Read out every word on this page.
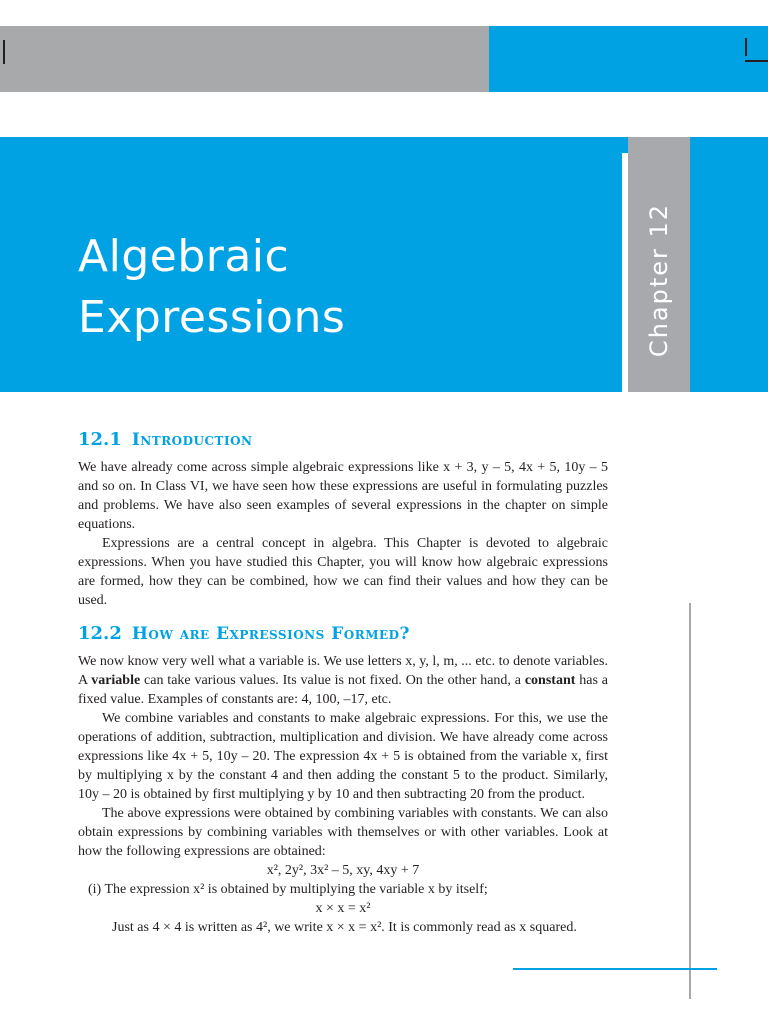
Chapter 12
Algebraic
Expressions
12.1 Introduction

We have already come across simple algebraic expressions like x + 3, y – 5, 4x + 5, 10y – 5 and so on. In Class VI, we have seen how these expressions are useful in formulating puzzles and problems. We have also seen examples of several expressions in the chapter on simple equations.

Expressions are a central concept in algebra. This Chapter is devoted to algebraic expressions. When you have studied this Chapter, you will know how algebraic expressions are formed, how they can be combined, how we can find their values and how they can be used.

12.2 How are Expressions Formed?

We now know very well what a variable is. We use letters x, y, l, m, ... etc. to denote variables. A variable can take various values. Its value is not fixed. On the other hand, a constant has a fixed value. Examples of constants are: 4, 100, –17, etc.

We combine variables and constants to make algebraic expressions. For this, we use the operations of addition, subtraction, multiplication and division. We have already come across expressions like 4x + 5, 10y – 20. The expression 4x + 5 is obtained from the variable x, first by multiplying x by the constant 4 and then adding the constant 5 to the product. Similarly, 10y – 20 is obtained by first multiplying y by 10 and then subtracting 20 from the product.

The above expressions were obtained by combining variables with constants. We can also obtain expressions by combining variables with themselves or with other variables. Look at how the following expressions are obtained:

x², 2y², 3x² – 5, xy, 4xy + 7

(i) The expression x² is obtained by multiplying the variable x by itself;

x × x = x²

Just as 4 × 4 is written as 4², we write x × x = x². It is commonly read as x squared.
